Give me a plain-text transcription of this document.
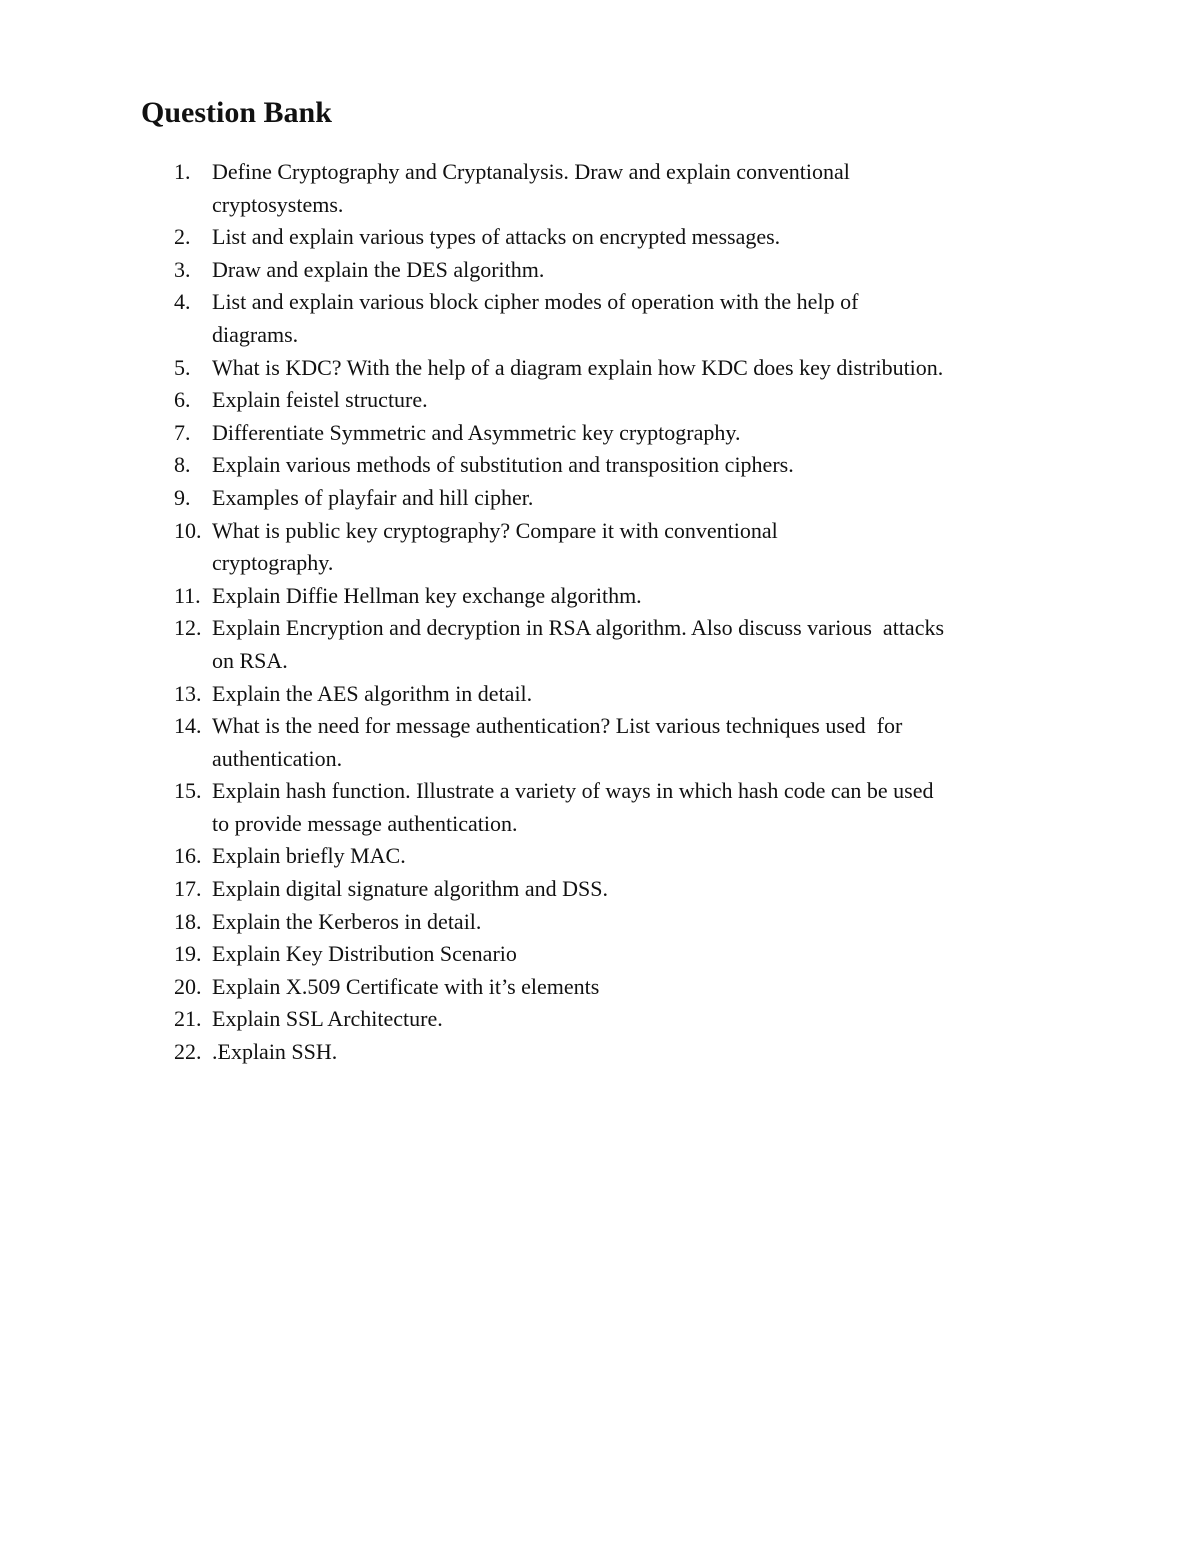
Question Bank
1. Define Cryptography and Cryptanalysis. Draw and explain conventional
cryptosystems.
2. List and explain various types of attacks on encrypted messages.
3. Draw and explain the DES algorithm.
4. List and explain various block cipher modes of operation with the help of
diagrams.
5. What is KDC? With the help of a diagram explain how KDC does key distribution.
6. Explain feistel structure.
7. Differentiate Symmetric and Asymmetric key cryptography.
8. Explain various methods of substitution and transposition ciphers.
9. Examples of playfair and hill cipher.
10. What is public key cryptography? Compare it with conventional
cryptography.
11. Explain Diffie Hellman key exchange algorithm.
12. Explain Encryption and decryption in RSA algorithm. Also discuss various  attacks
on RSA.
13. Explain the AES algorithm in detail.
14. What is the need for message authentication? List various techniques used  for
authentication.
15. Explain hash function. Illustrate a variety of ways in which hash code can be used
to provide message authentication.
16. Explain briefly MAC.
17. Explain digital signature algorithm and DSS.
18. Explain the Kerberos in detail.
19. Explain Key Distribution Scenario
20. Explain X.509 Certificate with it’s elements
21. Explain SSL Architecture.
22. .Explain SSH.
